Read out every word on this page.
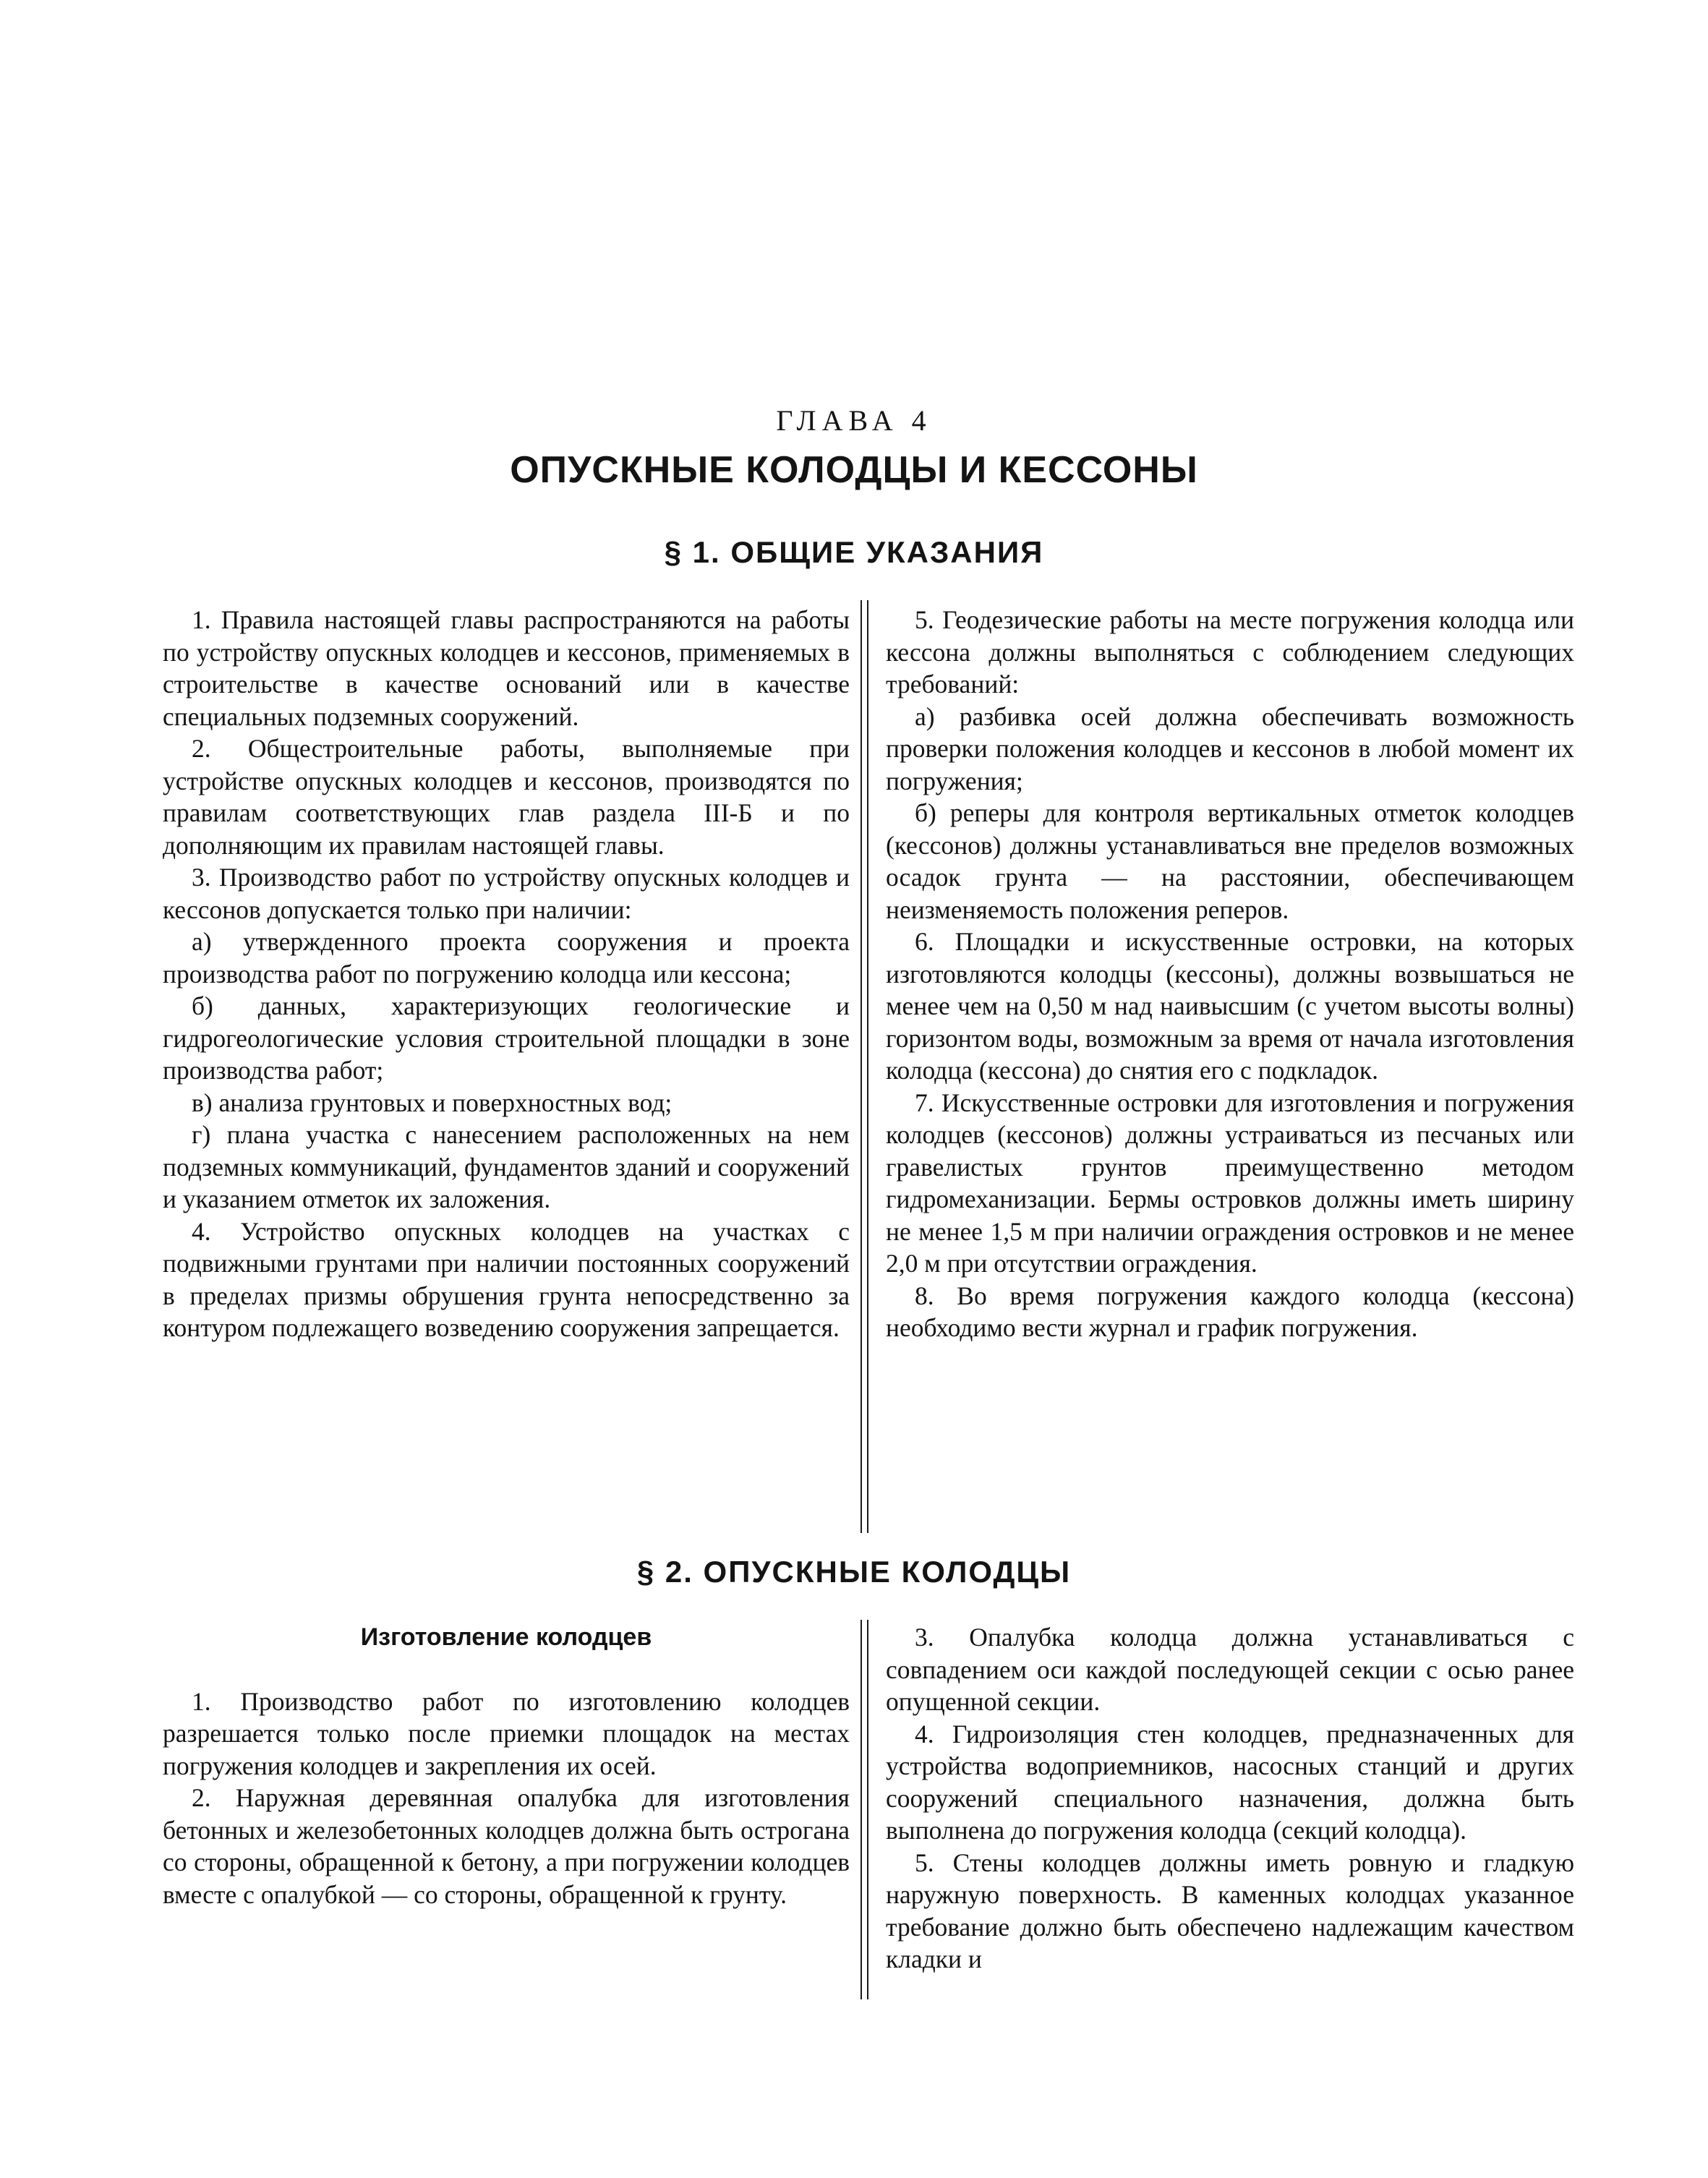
ГЛАВА 4
ОПУСКНЫЕ КОЛОДЦЫ И КЕССОНЫ
§ 1. ОБЩИЕ УКАЗАНИЯ

1. Правила настоящей главы распространяются на работы по устройству опускных колодцев и кессонов, применяемых в строительстве в качестве оснований или в качестве специальных подземных сооружений.

2. Общестроительные работы, выполняемые при устройстве опускных колодцев и кессонов, производятся по правилам соответствующих глав раздела III-Б и по дополняющим их правилам настоящей главы.

3. Производство работ по устройству опускных колодцев и кессонов допускается только при наличии:

а) утвержденного проекта сооружения и проекта производства работ по погружению колодца или кессона;

б) данных, характеризующих геологические и гидрогеологические условия строительной площадки в зоне производства работ;

в) анализа грунтовых и поверхностных вод;

г) плана участка с нанесением расположенных на нем подземных коммуникаций, фундаментов зданий и сооружений и указанием отметок их заложения.

4. Устройство опускных колодцев на участках с подвижными грунтами при наличии постоянных сооружений в пределах призмы обрушения грунта непосредственно за контуром подлежащего возведению сооружения запрещается.

5. Геодезические работы на месте погружения колодца или кессона должны выполняться с соблюдением следующих требований:

а) разбивка осей должна обеспечивать возможность проверки положения колодцев и кессонов в любой момент их погружения;

б) реперы для контроля вертикальных отметок колодцев (кессонов) должны устанавливаться вне пределов возможных осадок грунта — на расстоянии, обеспечивающем неизменяемость положения реперов.

6. Площадки и искусственные островки, на которых изготовляются колодцы (кессоны), должны возвышаться не менее чем на 0,50 м над наивысшим (с учетом высоты волны) горизонтом воды, возможным за время от начала изготовления колодца (кессона) до снятия его с подкладок.

7. Искусственные островки для изготовления и погружения колодцев (кессонов) должны устраиваться из песчаных или гравелистых грунтов преимущественно методом гидромеханизации. Бермы островков должны иметь ширину не менее 1,5 м при наличии ограждения островков и не менее 2,0 м при отсутствии ограждения.

8. Во время погружения каждого колодца (кессона) необходимо вести журнал и график погружения.

§ 2. ОПУСКНЫЕ КОЛОДЦЫ

Изготовление колодцев

1. Производство работ по изготовлению колодцев разрешается только после приемки площадок на местах погружения колодцев и закрепления их осей.

2. Наружная деревянная опалубка для изготовления бетонных и железобетонных колодцев должна быть острогана со стороны, обращенной к бетону, а при погружении колодцев вместе с опалубкой — со стороны, обращенной к грунту.

3. Опалубка колодца должна устанавливаться с совпадением оси каждой последующей секции с осью ранее опущенной секции.

4. Гидроизоляция стен колодцев, предназначенных для устройства водоприемников, насосных станций и других сооружений специального назначения, должна быть выполнена до погружения колодца (секций колодца).

5. Стены колодцев должны иметь ровную и гладкую наружную поверхность. В каменных колодцах указанное требование должно быть обеспечено надлежащим качеством кладки и
